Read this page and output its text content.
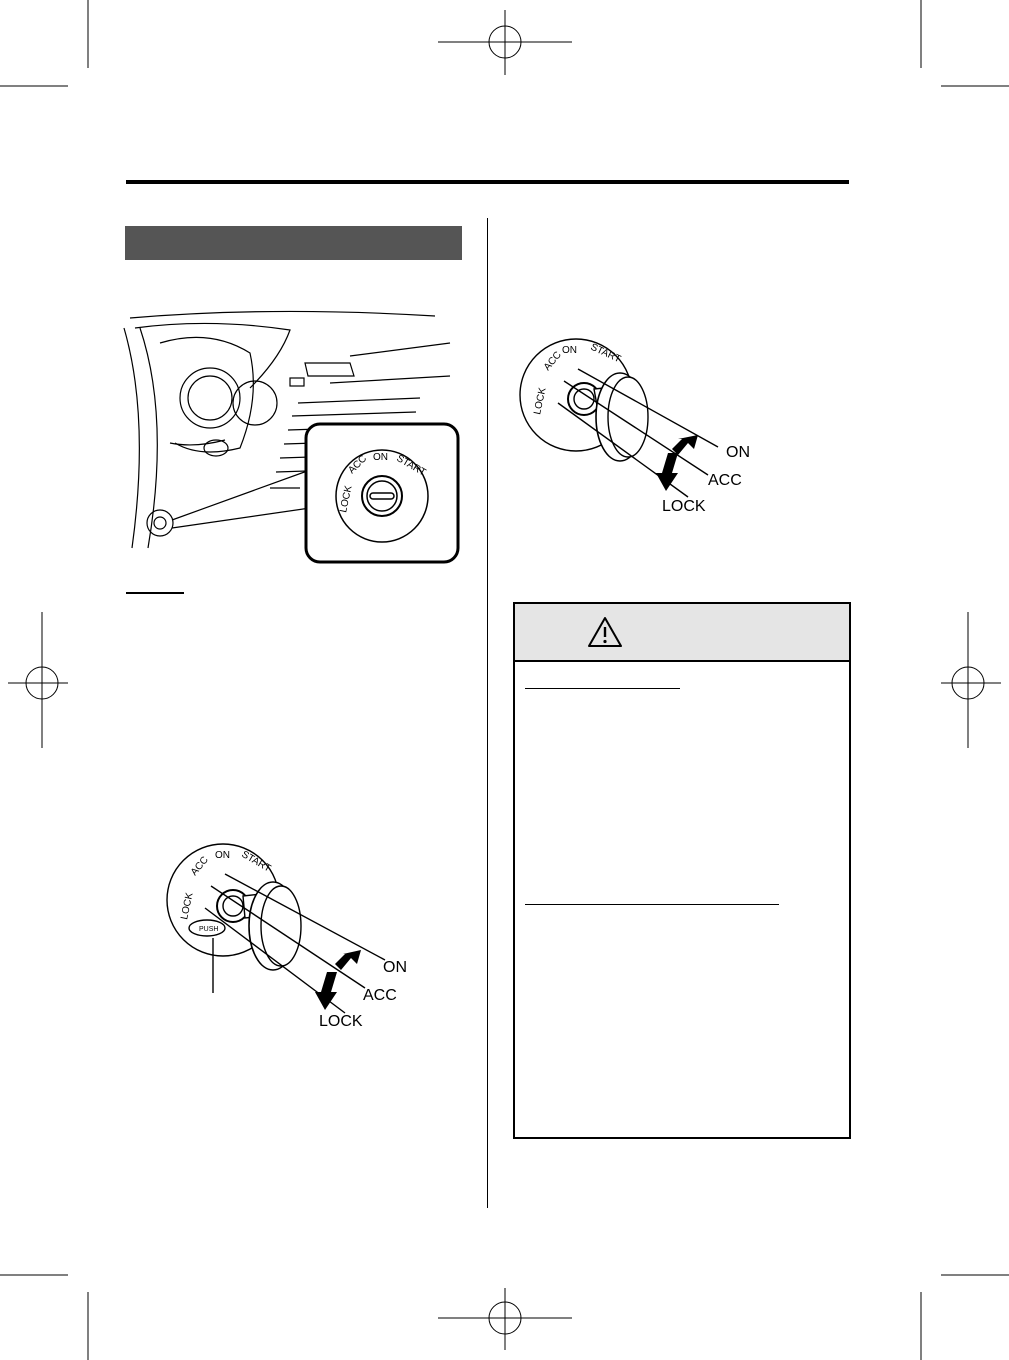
LOCK
ACC ON START
LOCK
ACC ON START
PUSH
ON
ACC
LOCK
LOCK
ACC
ON START
ON
ACC
LOCK
